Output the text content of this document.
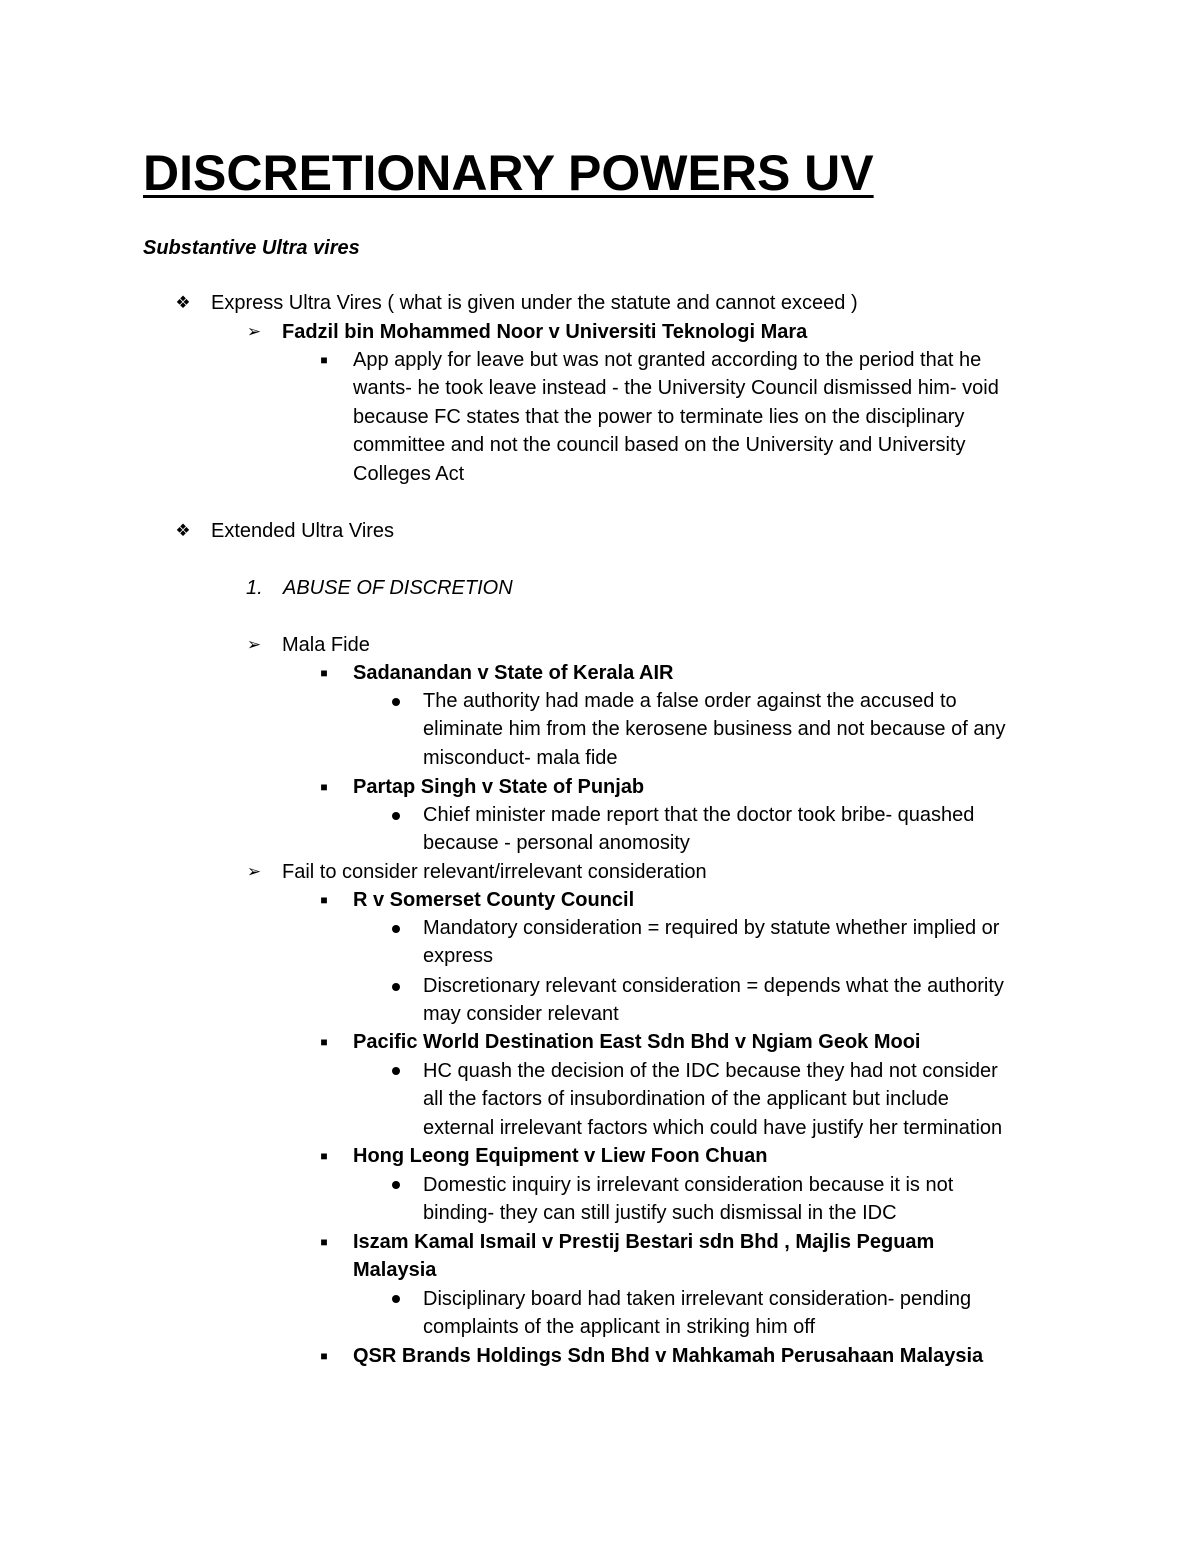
DISCRETIONARY POWERS UV

Substantive Ultra vires

❖ Express Ultra Vires ( what is given under the statute and cannot exceed )
➢ Fadzil bin Mohammed Noor v Universiti Teknologi Mara
■	App apply for leave but was not granted according to the period that he
wants- he took leave instead - the University Council dismissed him- void
because FC states that the power to terminate lies on the disciplinary
committee and not the council based on the University and University
Colleges Act
❖ Extended Ultra Vires
1. ABUSE OF DISCRETION
➢ Mala Fide
■	Sadanandan v State of Kerala AIR
The authority had made a false order against the accused to
eliminate him from the kerosene business and not because of any
misconduct- mala fide
■	Partap Singh v State of Punjab
Chief minister made report that the doctor took bribe- quashed
because - personal anomosity
➢ Fail to consider relevant/irrelevant consideration
■	R v Somerset County Council
Mandatory consideration = required by statute whether implied or
express
Discretionary relevant consideration = depends what the authority
may consider relevant
■	Pacific World Destination East Sdn Bhd v Ngiam Geok Mooi
HC quash the decision of the IDC because they had not consider
all the factors of insubordination of the applicant but include
external irrelevant factors which could have justify her termination
■	Hong Leong Equipment v Liew Foon Chuan
Domestic inquiry is irrelevant consideration because it is not
binding- they can still justify such dismissal in the IDC
■	Iszam Kamal Ismail v Prestij Bestari sdn Bhd , Majlis Peguam
Malaysia
Disciplinary board had taken irrelevant consideration- pending
complaints of the applicant in striking him off
■	QSR Brands Holdings Sdn Bhd v Mahkamah Perusahaan Malaysia
